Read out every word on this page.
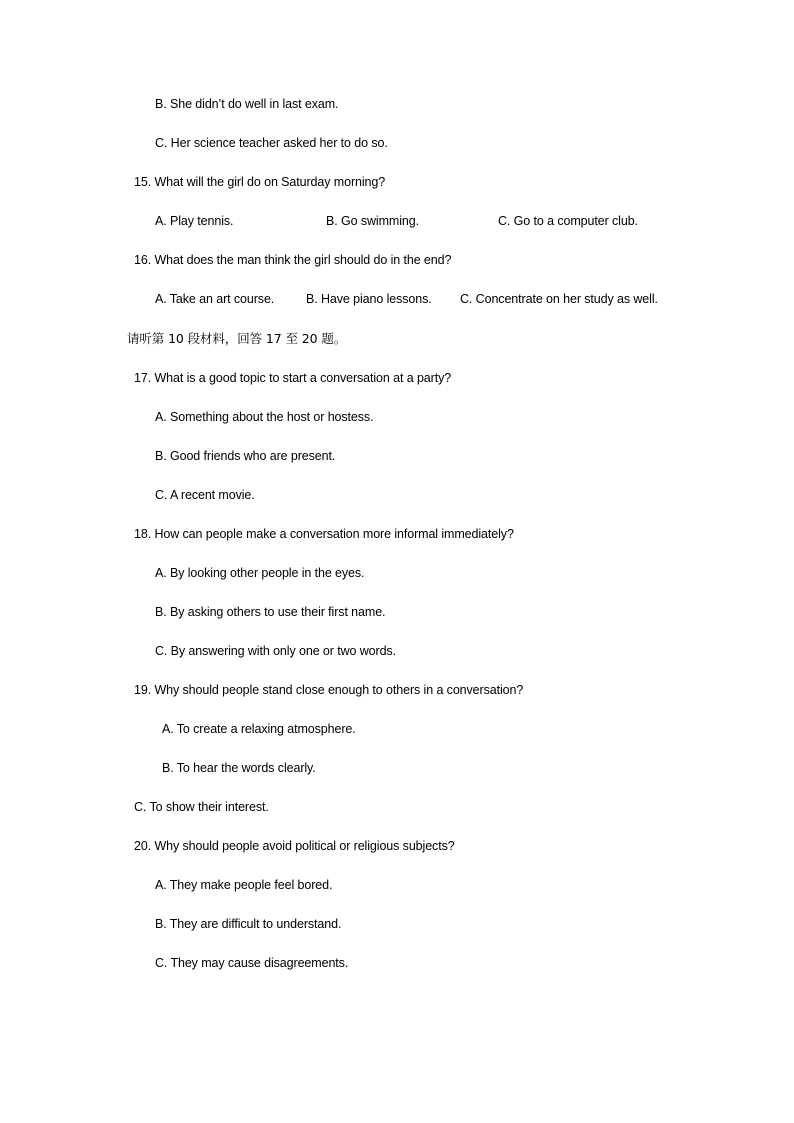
B. She didn’t do well in last exam.
C. Her science teacher asked her to do so.
15. What will the girl do on Saturday morning?
A. Play tennis.	B. Go swimming.	C. Go to a computer club.
16. What does the man think the girl should do in the end?
A. Take an art course.	B. Have piano lessons. C. Concentrate on her study as well.
请听第 10 段材料，回答 17 至 20 题。
17. What is a good topic to start a conversation at a party?
A. Something about the host or hostess.
B. Good friends who are present.
C. A recent movie.
18. How can people make a conversation more informal immediately?
A. By looking other people in the eyes.
B. By asking others to use their first name.
C. By answering with only one or two words.
19. Why should people stand close enough to others in a conversation?
A. To create a relaxing atmosphere.
B. To hear the words clearly.
C. To show their interest.
20. Why should people avoid political or religious subjects?
A. They make people feel bored.
B. They are difficult to understand.
C. They may cause disagreements.
